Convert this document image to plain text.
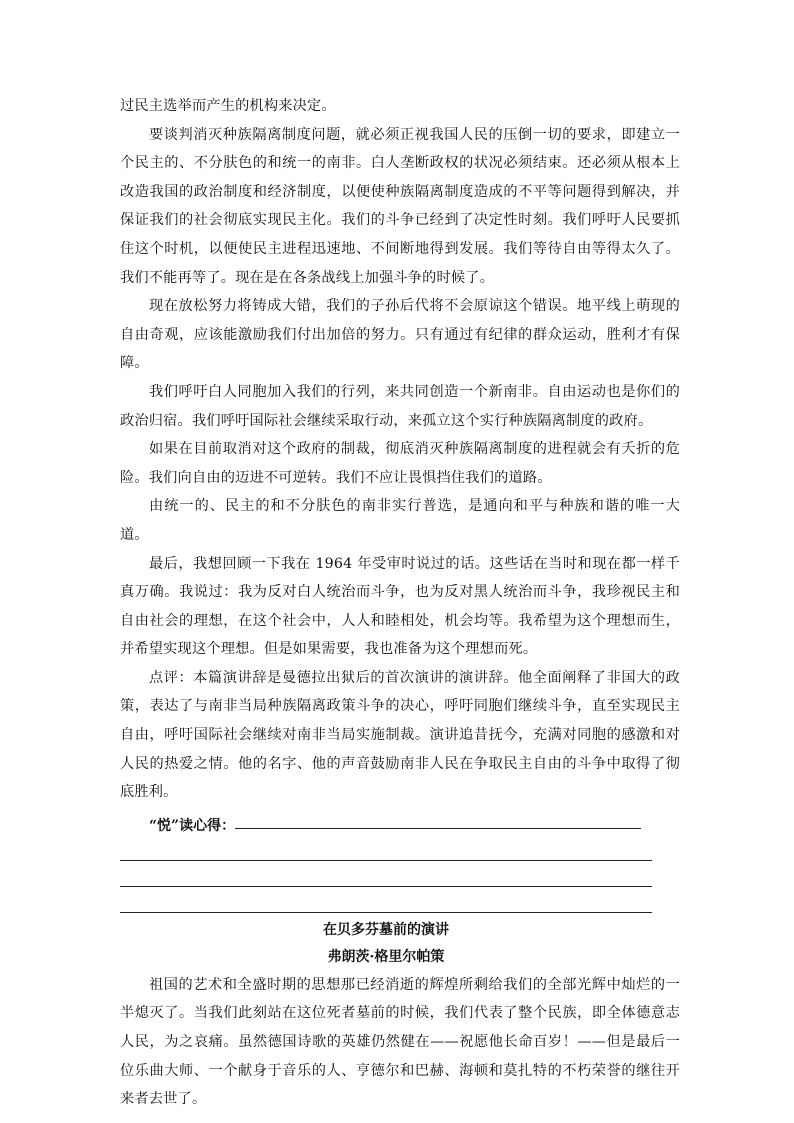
过民主选举而产生的机构来决定。

要谈判消灭种族隔离制度问题，就必须正视我国人民的压倒一切的要求，即建立一个民主的、不分肤色的和统一的南非。白人垄断政权的状况必须结束。还必须从根本上改造我国的政治制度和经济制度，以便使种族隔离制度造成的不平等问题得到解决，并保证我们的社会彻底实现民主化。我们的斗争已经到了决定性时刻。我们呼吁人民要抓住这个时机，以便使民主进程迅速地、不间断地得到发展。我们等待自由等得太久了。我们不能再等了。现在是在各条战线上加强斗争的时候了。

现在放松努力将铸成大错，我们的子孙后代将不会原谅这个错误。地平线上萌现的自由奇观，应该能激励我们付出加倍的努力。只有通过有纪律的群众运动，胜利才有保障。

我们呼吁白人同胞加入我们的行列，来共同创造一个新南非。自由运动也是你们的政治归宿。我们呼吁国际社会继续采取行动，来孤立这个实行种族隔离制度的政府。

如果在目前取消对这个政府的制裁，彻底消灭种族隔离制度的进程就会有夭折的危险。我们向自由的迈进不可逆转。我们不应让畏惧挡住我们的道路。

由统一的、民主的和不分肤色的南非实行普选，是通向和平与种族和谐的唯一大道。

最后，我想回顾一下我在 1964 年受审时说过的话。这些话在当时和现在都一样千真万确。我说过：我为反对白人统治而斗争，也为反对黑人统治而斗争，我珍视民主和自由社会的理想，在这个社会中，人人和睦相处，机会均等。我希望为这个理想而生，并希望实现这个理想。但是如果需要，我也准备为这个理想而死。

点评：本篇演讲辞是曼德拉出狱后的首次演讲的演讲辞。他全面阐释了非国大的政策，表达了与南非当局种族隔离政策斗争的决心，呼吁同胞们继续斗争，直至实现民主自由，呼吁国际社会继续对南非当局实施制裁。演讲追昔抚今，充满对同胞的感激和对人民的热爱之情。他的名字、他的声音鼓励南非人民在争取民主自由的斗争中取得了彻底胜利。

“悦”读心得：
在贝多芬墓前的演讲
弗朗茨·格里尔帕策

祖国的艺术和全盛时期的思想那已经消逝的辉煌所剩给我们的全部光辉中灿烂的一半熄灭了。当我们此刻站在这位死者墓前的时候，我们代表了整个民族，即全体德意志人民，为之哀痛。虽然德国诗歌的英雄仍然健在——祝愿他长命百岁！——但是最后一位乐曲大师、一个献身于音乐的人、亨德尔和巴赫、海顿和莫扎特的不朽荣誉的继往开来者去世了。
